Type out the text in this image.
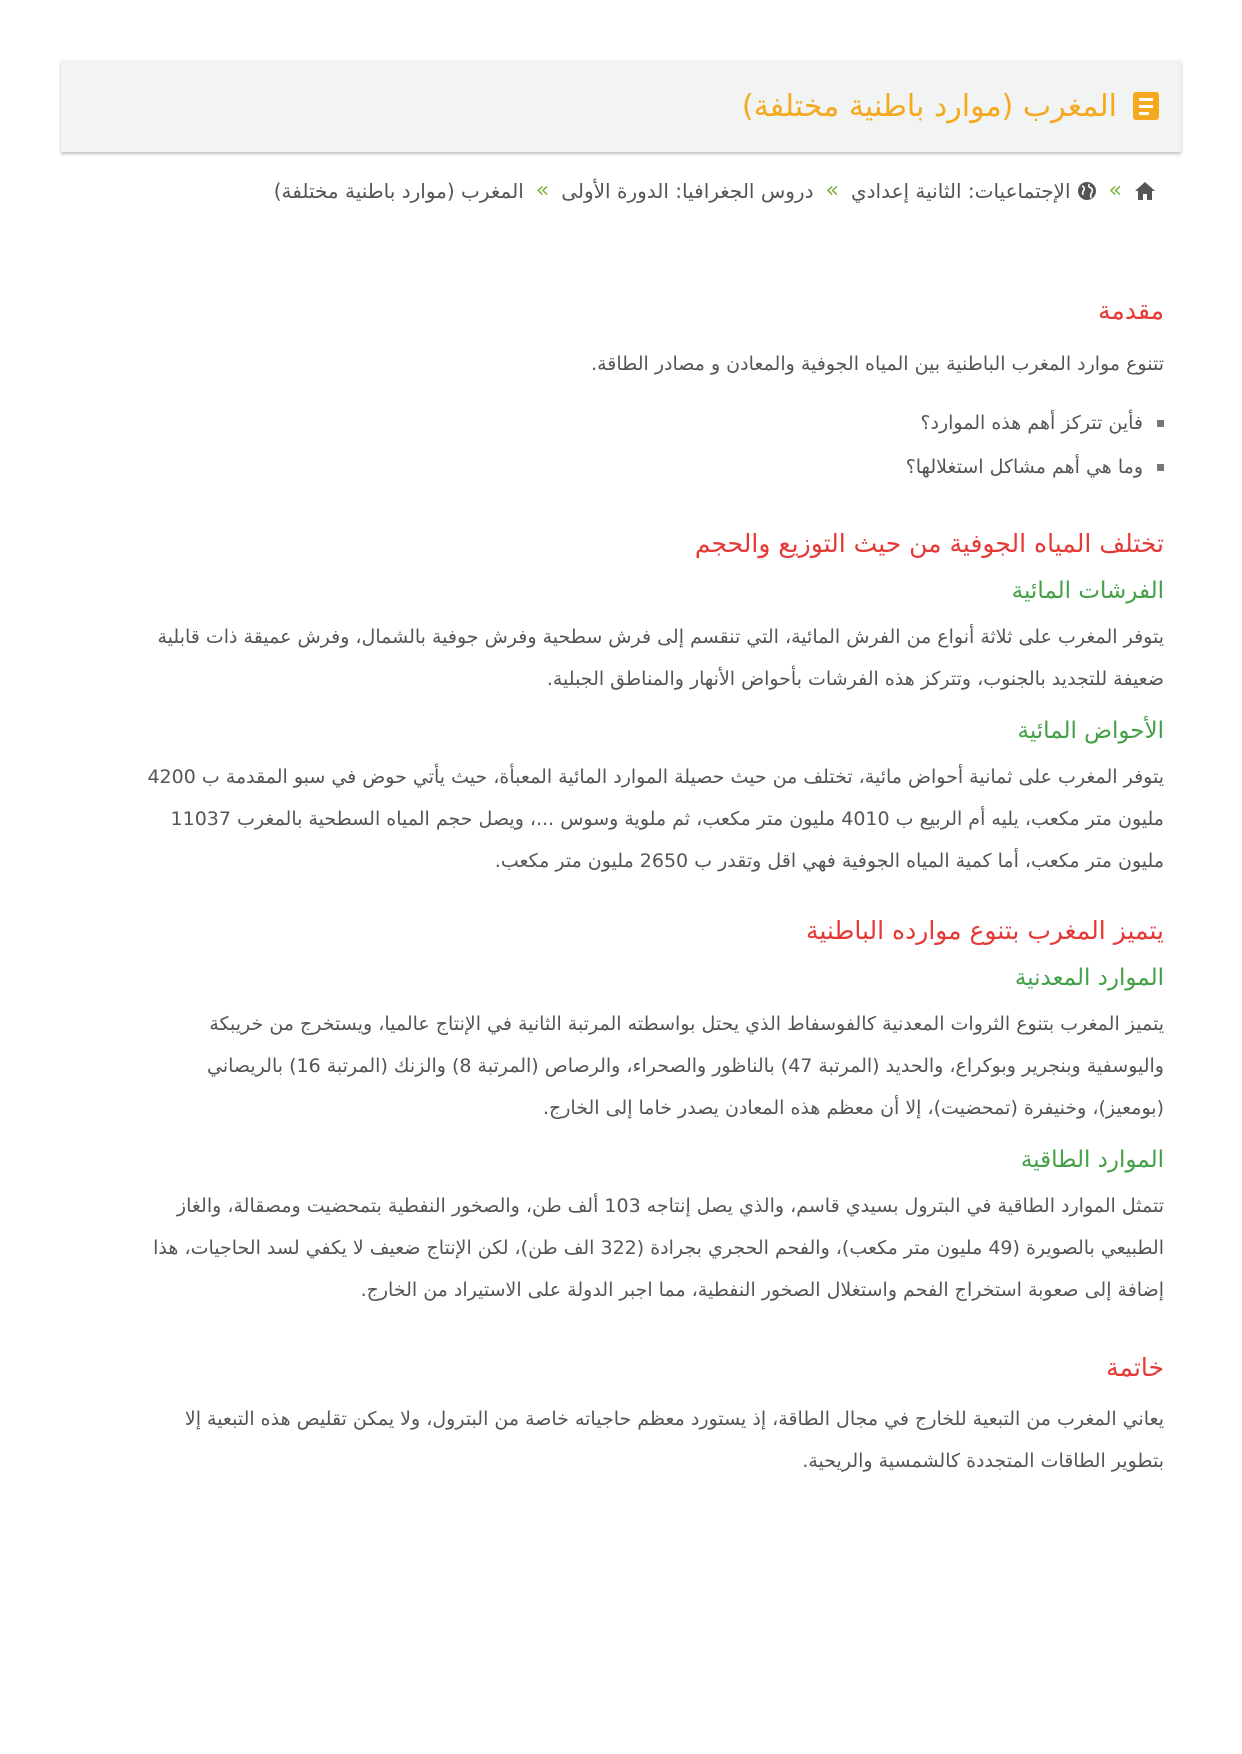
المغرب (موارد باطنية مختلفة)
»
الإجتماعيات: الثانية إعدادي
»
دروس الجغرافيا: الدورة الأولى
»
المغرب (موارد باطنية مختلفة)
مقدمة

تتنوع موارد المغرب الباطنية بين المياه الجوفية والمعادن و مصادر الطاقة.

فأين تتركز أهم هذه الموارد؟
وما هي أهم مشاكل استغلالها؟
تختلف المياه الجوفية من حيث التوزيع والحجم
الفرشات المائية

يتوفر المغرب على ثلاثة أنواع من الفرش المائية، التي تنقسم إلى فرش سطحية وفرش جوفية بالشمال، وفرش عميقة ذات قابلية

ضعيفة للتجديد بالجنوب، وتتركز هذه الفرشات بأحواض الأنهار والمناطق الجبلية.

الأحواض المائية

يتوفر المغرب على ثمانية أحواض مائية، تختلف من حيث حصيلة الموارد المائية المعبأة، حيث يأتي حوض في سبو المقدمة ب 4200

مليون متر مكعب، يليه أم الربيع ب 4010 مليون متر مكعب، ثم ملوية وسوس ...، ويصل حجم المياه السطحية بالمغرب 11037

مليون متر مكعب، أما كمية المياه الجوفية فهي اقل وتقدر ب 2650 مليون متر مكعب.

يتميز المغرب بتنوع موارده الباطنية
الموارد المعدنية

يتميز المغرب بتنوع الثروات المعدنية كالفوسفاط الذي يحتل بواسطته المرتبة الثانية في الإنتاج عالميا، ويستخرج من خريبكة

واليوسفية وبنجرير وبوكراع، والحديد (المرتبة 47) بالناظور والصحراء، والرصاص (المرتبة 8) والزنك (المرتبة 16) بالريصاني

(بومعيز)، وخنيفرة (تمحضيت)، إلا أن معظم هذه المعادن يصدر خاما إلى الخارج.

الموارد الطاقية

تتمثل الموارد الطاقية في البترول بسيدي قاسم، والذي يصل إنتاجه 103 ألف طن، والصخور النفطية بتمحضيت ومصقالة، والغاز

الطبيعي بالصويرة (49 مليون متر مكعب)، والفحم الحجري بجرادة (322 الف طن)، لكن الإنتاج ضعيف لا يكفي لسد الحاجيات، هذا

إضافة إلى صعوبة استخراج الفحم واستغلال الصخور النفطية، مما اجبر الدولة على الاستيراد من الخارج.

خاتمة

يعاني المغرب من التبعية للخارج في مجال الطاقة، إذ يستورد معظم حاجياته خاصة من البترول، ولا يمكن تقليص هذه التبعية إلا

بتطوير الطاقات المتجددة كالشمسية والريحية.
